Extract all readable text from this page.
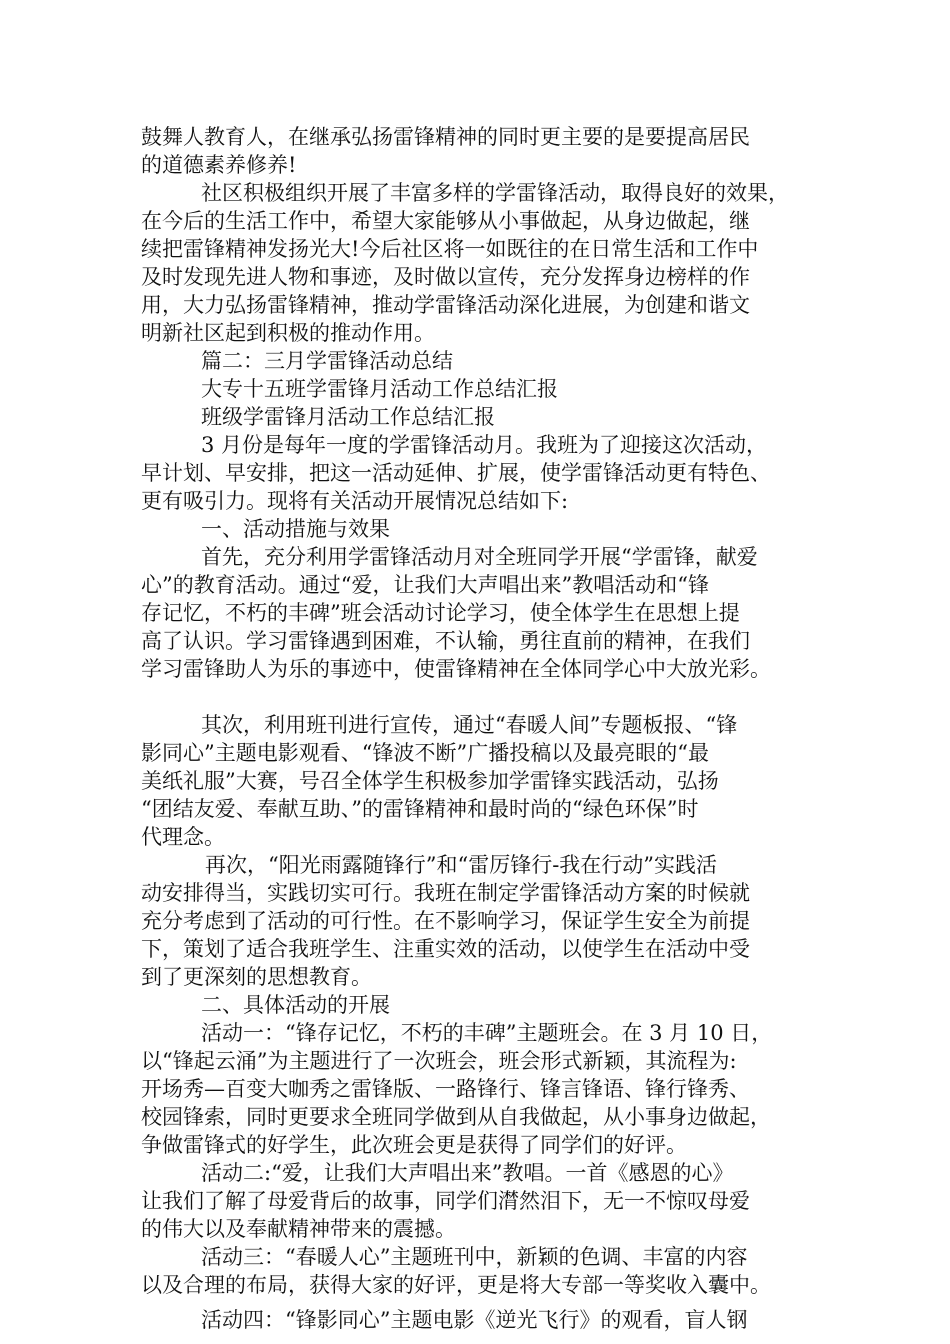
鼓舞人教育人，在继承弘扬雷锋精神的同时更主要的是要提高居民
的道德素养修养!
社区积极组织开展了丰富多样的学雷锋活动，取得良好的效果，
在今后的生活工作中，希望大家能够从小事做起，从身边做起，继
续把雷锋精神发扬光大!今后社区将一如既往的在日常生活和工作中
及时发现先进人物和事迹，及时做以宣传，充分发挥身边榜样的作
用，大力弘扬雷锋精神，推动学雷锋活动深化进展，为创建和谐文
明新社区起到积极的推动作用。
篇二：三月学雷锋活动总结
大专十五班学雷锋月活动工作总结汇报
班级学雷锋月活动工作总结汇报
3 月份是每年一度的学雷锋活动月。我班为了迎接这次活动，
早计划、早安排，把这一活动延伸、扩展，使学雷锋活动更有特色、
更有吸引力。现将有关活动开展情况总结如下:
一、活动措施与效果
首先，充分利用学雷锋活动月对全班同学开展“学雷锋，献爱
心”的教育活动。通过“爱，让我们大声唱出来”教唱活动和“锋
存记忆，不朽的丰碑”班会活动讨论学习，使全体学生在思想上提
高了认识。学习雷锋遇到困难，不认输，勇往直前的精神，在我们
学习雷锋助人为乐的事迹中，使雷锋精神在全体同学心中大放光彩。
其次，利用班刊进行宣传，通过“春暖人间”专题板报、“锋
影同心”主题电影观看、“锋波不断”广播投稿以及最亮眼的“最
美纸礼服”大赛，号召全体学生积极参加学雷锋实践活动，弘扬
“团结友爱、奉献互助、”的雷锋精神和最时尚的“绿色环保”时
代理念。
再次，“阳光雨露随锋行”和“雷厉锋行-我在行动”实践活
动安排得当，实践切实可行。我班在制定学雷锋活动方案的时候就
充分考虑到了活动的可行性。在不影响学习，保证学生安全为前提
下，策划了适合我班学生、注重实效的活动，以使学生在活动中受
到了更深刻的思想教育。
二、具体活动的开展
活动一：“锋存记忆，不朽的丰碑”主题班会。在 3 月 10 日，
以“锋起云涌”为主题进行了一次班会，班会形式新颖，其流程为:
开场秀—百变大咖秀之雷锋版、一路锋行、锋言锋语、锋行锋秀、
校园锋索，同时更要求全班同学做到从自我做起，从小事身边做起，
争做雷锋式的好学生，此次班会更是获得了同学们的好评。
活动二:“爱，让我们大声唱出来”教唱。一首《感恩的心》
让我们了解了母爱背后的故事，同学们潸然泪下，无一不惊叹母爱
的伟大以及奉献精神带来的震撼。
活动三：“春暖人心”主题班刊中，新颖的色调、丰富的内容
以及合理的布局，获得大家的好评，更是将大专部一等奖收入囊中。
活动四：“锋影同心”主题电影《逆光飞行》的观看，盲人钢
